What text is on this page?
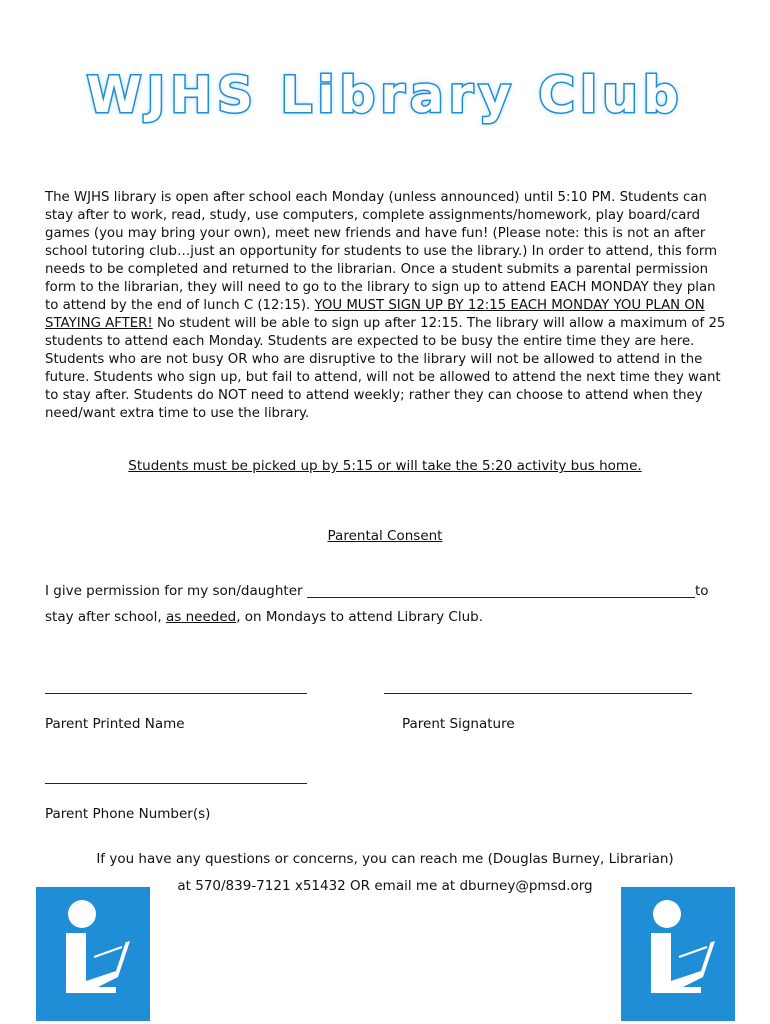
WJHS Library Club

The WJHS library is open after school each Monday (unless announced) until 5:10 PM. Students can stay after to work, read, study, use computers, complete assignments/homework, play board/card games (you may bring your own), meet new friends and have fun! (Please note: this is not an after school tutoring club…just an opportunity for students to use the library.) In order to attend, this form needs to be completed and returned to the librarian. Once a student submits a parental permission form to the librarian, they will need to go to the library to sign up to attend EACH MONDAY they plan to attend by the end of lunch C (12:15). YOU MUST SIGN UP BY 12:15 EACH MONDAY YOU PLAN ON STAYING AFTER! No student will be able to sign up after 12:15. The library will allow a maximum of 25 students to attend each Monday. Students are expected to be busy the entire time they are here. Students who are not busy OR who are disruptive to the library will not be allowed to attend in the future. Students who sign up, but fail to attend, will not be allowed to attend the next time they want to stay after. Students do NOT need to attend weekly; rather they can choose to attend when they need/want extra time to use the library.

Students must be picked up by 5:15 or will take the 5:20 activity bus home.

Parental Consent

I give permission for my son/daughter	to

stay after school, as needed, on Mondays to attend Library Club.

Parent Printed Name	Parent Signature

Parent Phone Number(s)

If you have any questions or concerns, you can reach me (Douglas Burney, Librarian)

at 570/839-7121 x51432 OR email me at dburney@pmsd.org
